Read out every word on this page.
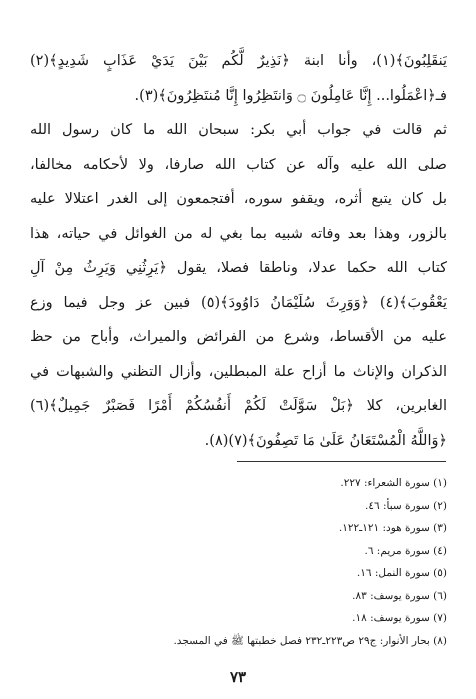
يَنقَلِبُونَ﴾(١)، وأنا ابنة ﴿نَذِيرٌ لَّكُم بَيْنَ يَدَيْ عَذَابٍ شَدِيدٍ﴾(٢)
فـ﴿اعْمَلُوا... إِنَّا عَامِلُونَ ۝ وَانتَظِرُوا إِنَّا مُنتَظِرُونَ﴾(٣).
ثم قالت في جواب أبي بكر: سبحان الله ما كان رسول الله
صلى الله عليه وآله عن كتاب الله صارفا، ولا لأحكامه مخالفا،
بل كان يتبع أثره، ويقفو سوره، أفتجمعون إلى الغدر اعتلالا عليه
بالزور، وهذا بعد وفاته شبيه بما بغي له من الغوائل في حياته، هذا
كتاب الله حكما عدلا، وناطقا فصلا، يقول ﴿يَرِثُنِي وَيَرِثُ مِنْ آلِ
يَعْقُوبَ﴾(٤) ﴿وَوَرِثَ سُلَيْمَانُ دَاوُودَ﴾(٥) فبين عز وجل فيما وزع
عليه من الأقساط، وشرع من الفرائض والميراث، وأباح من حظ
الذكران والإناث ما أزاح علة المبطلين، وأزال التظني والشبهات في
الغابرين، كلا ﴿بَلْ سَوَّلَتْ لَكُمْ أَنفُسُكُمْ أَمْرًا فَصَبْرٌ جَمِيلٌ﴾(٦)
﴿وَاللَّهُ الْمُسْتَعَانُ عَلَىٰ مَا تَصِفُونَ﴾(٧)(٨).
(١) سورة الشعراء: ٢٢٧.
(٢) سورة سبأ: ٤٦.
(٣) سورة هود: ١٢١ـ١٢٢.
(٤) سورة مريم: ٦.
(٥) سورة النمل: ١٦.
(٦) سورة يوسف: ٨٣.
(٧) سورة يوسف: ١٨.
(٨) بحار الأنوار: ج٢٩ ص٢٢٣ـ٢٣٢ فصل خطبتها ﷺ في المسجد.
٧٣
